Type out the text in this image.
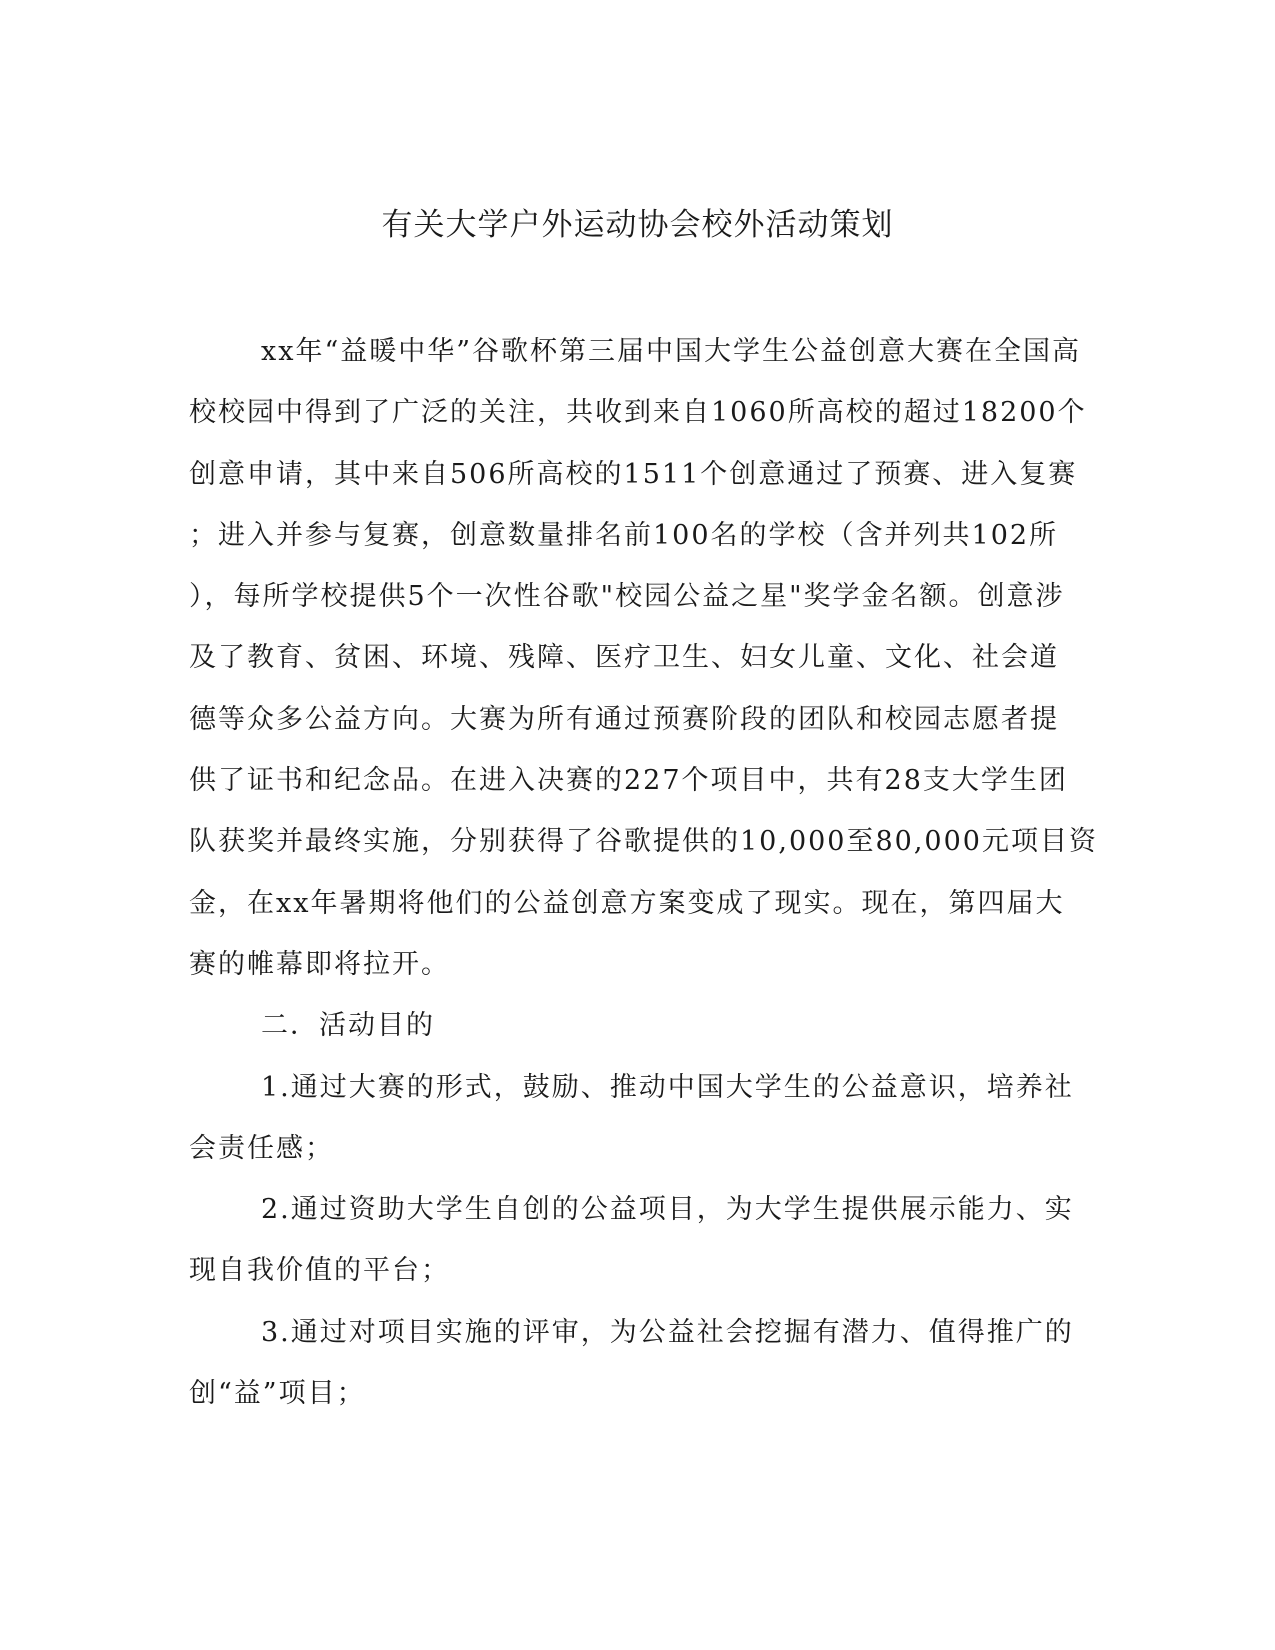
有关大学户外运动协会校外活动策划
xx年“益暖中华”谷歌杯第三届中国大学生公益创意大赛在全国高
校校园中得到了广泛的关注，共收到来自1060所高校的超过18200个
创意申请，其中来自506所高校的1511个创意通过了预赛、进入复赛
；进入并参与复赛，创意数量排名前100名的学校（含并列共102所
），每所学校提供5个一次性谷歌"校园公益之星"奖学金名额。创意涉
及了教育、贫困、环境、残障、医疗卫生、妇女儿童、文化、社会道
德等众多公益方向。大赛为所有通过预赛阶段的团队和校园志愿者提
供了证书和纪念品。在进入决赛的227个项目中，共有28支大学生团
队获奖并最终实施，分别获得了谷歌提供的10,000至80,000元项目资
金，在xx年暑期将他们的公益创意方案变成了现实。现在，第四届大
赛的帷幕即将拉开。
二．活动目的
1.通过大赛的形式，鼓励、推动中国大学生的公益意识，培养社
会责任感；
2.通过资助大学生自创的公益项目，为大学生提供展示能力、实
现自我价值的平台；
3.通过对项目实施的评审，为公益社会挖掘有潜力、值得推广的
创“益”项目；
